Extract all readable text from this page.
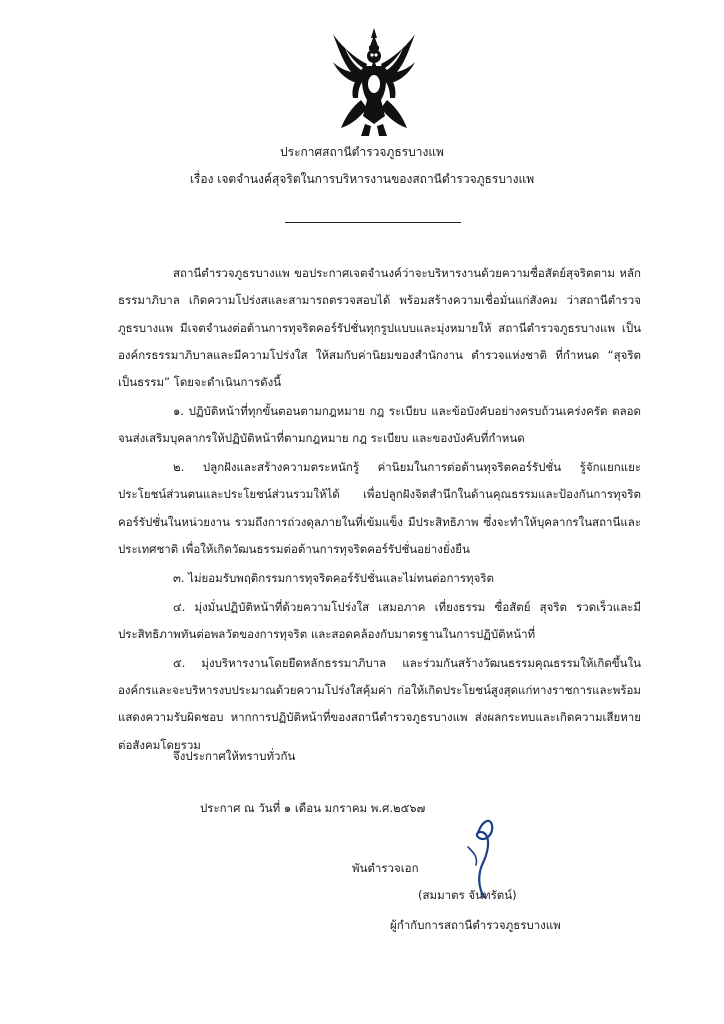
ประกาศสถานีตำรวจภูธรบางแพ
เรื่อง เจตจำนงค์สุจริตในการบริหารงานของสถานีตำรวจภูธรบางแพ

สถานีตำรวจภูธรบางแพ ขอประกาศเจตจำนงค์ว่าจะบริหารงานด้วยความซื่อสัตย์สุจริตตาม หลักธรรมาภิบาล เกิดความโปร่งสและสามารถตรวจสอบได้ พร้อมสร้างความเชื่อมั่นแก่สังคม ว่าสถานีตำรวจภูธรบางแพ มีเจตจำนงต่อต้านการทุจริตคอร์รัปชั่นทุกรูปแบบและมุ่งหมายให้ สถานีตำรวจภูธรบางแพ เป็นองค์กรธรรมาภิบาลและมีความโปร่งใส ให้สมกับค่านิยมของสำนักงาน ตำรวจแห่งชาติ ที่กำหนด “สุจริต เป็นธรรม” โดยจะดำเนินการดังนี้

๑. ปฏิบัติหน้าที่ทุกขั้นตอนตามกฎหมาย กฎ ระเบียบ และข้อบังคับอย่างครบถ้วนเคร่งครัด ตลอดจนส่งเสริมบุคลากรให้ปฏิบัติหน้าที่ตามกฎหมาย กฎ ระเบียบ และของบังคับที่กำหนด

๒. ปลูกฝังและสร้างความตระหนักรู้ ค่านิยมในการต่อต้านทุจริตคอร์รัปชั่น รู้จักแยกแยะประโยชน์ส่วนตนและประโยชน์ส่วนรวมให้ได้ เพื่อปลูกฝังจิตสำนึกในด้านคุณธรรมและป้องกันการทุจริตคอร์รัปชั่นในหน่วยงาน รวมถึงการถ่วงดุลภายในที่เข้มแข็ง มีประสิทธิภาพ ซึ่งจะทำให้บุคลากรในสถานีและประเทศชาติ เพื่อให้เกิดวัฒนธรรมต่อต้านการทุจริตคอร์รัปชั่นอย่างยั่งยืน

๓. ไม่ยอมรับพฤติกรรมการทุจริตคอร์รัปชั่นและไม่ทนต่อการทุจริต

๔. มุ่งมั่นปฏิบัติหน้าที่ด้วยความโปร่งใส เสมอภาค เที่ยงธรรม ซื่อสัตย์ สุจริต รวดเร็วและมีประสิทธิภาพทันต่อพลวัตของการทุจริต และสอดคล้องกับมาตรฐานในการปฏิบัติหน้าที่

๕. มุ่งบริหารงานโดยยึดหลักธรรมาภิบาล และร่วมกันสร้างวัฒนธรรมคุณธรรมให้เกิดขึ้นใน องค์กรและจะบริหารงบประมาณด้วยความโปร่งใสคุ้มค่า ก่อให้เกิดประโยชน์สูงสุดแก่ทางราชการและพร้อม แสดงความรับผิดชอบ หากการปฏิบัติหน้าที่ของสถานีตำรวจภูธรบางแพ ส่งผลกระทบและเกิดความเสียหาย ต่อสังคมโดยรวม

จึงประกาศให้ทราบทั่วกัน
ประกาศ ณ วันที่ ๑ เดือน มกราคม พ.ศ.๒๕๖๗
พันตำรวจเอก
(สมมาตร จันทรัตน์)
ผู้กำกับการสถานีตำรวจภูธรบางแพ
